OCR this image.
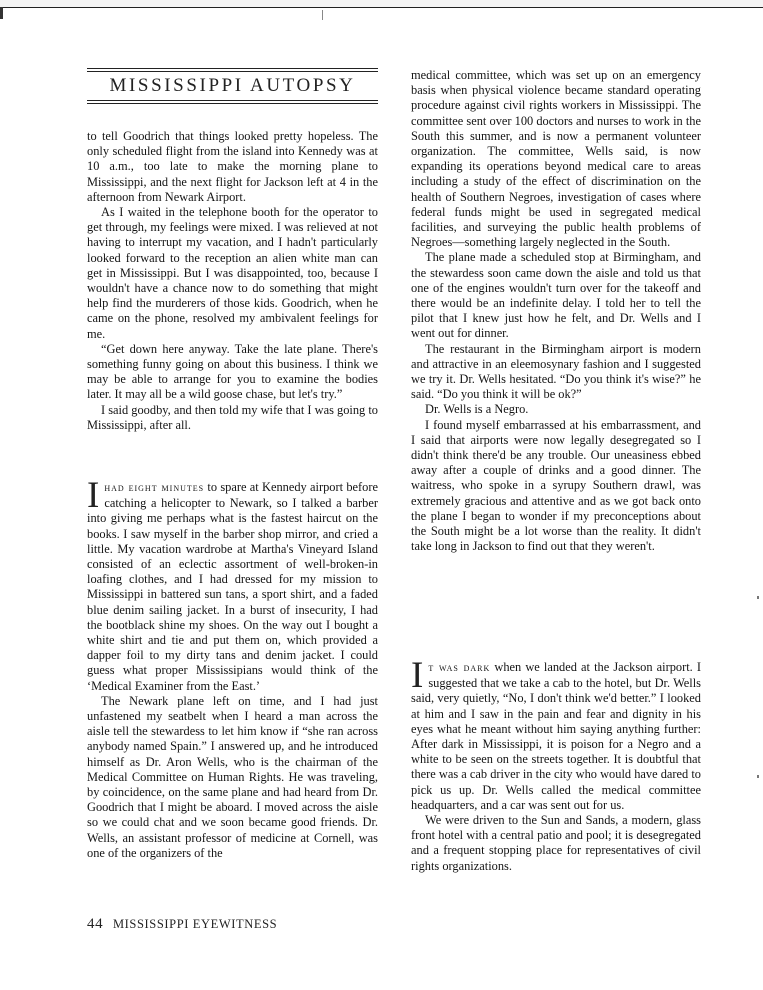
MISSISSIPPI AUTOPSY

to tell Goodrich that things looked pretty hopeless. The only scheduled flight from the island into Kennedy was at 10 a.m., too late to make the morning plane to Mississippi, and the next flight for Jackson left at 4 in the afternoon from Newark Airport.

As I waited in the telephone booth for the operator to get through, my feelings were mixed. I was relieved at not having to interrupt my vacation, and I hadn't particularly looked forward to the reception an alien white man can get in Mississippi. But I was disappointed, too, because I wouldn't have a chance now to do something that might help find the murderers of those kids. Goodrich, when he came on the phone, resolved my ambivalent feelings for me.

“Get down here anyway. Take the late plane. There's something funny going on about this business. I think we may be able to arrange for you to examine the bodies later. It may all be a wild goose chase, but let's try.”

I said goodby, and then told my wife that I was going to Mississippi, after all.

Ihad eight minutes to spare at Kennedy airport before catching a helicopter to Newark, so I talked a barber into giving me perhaps what is the fastest haircut on the books. I saw myself in the barber shop mirror, and cried a little. My vacation wardrobe at Martha's Vineyard Island consisted of an eclectic assortment of well-broken-in loafing clothes, and I had dressed for my mission to Mississippi in battered sun tans, a sport shirt, and a faded blue denim sailing jacket. In a burst of insecurity, I had the bootblack shine my shoes. On the way out I bought a white shirt and tie and put them on, which provided a dapper foil to my dirty tans and denim jacket. I could guess what proper Mississipians would think of the ‘Medical Examiner from the East.’

The Newark plane left on time, and I had just unfastened my seatbelt when I heard a man across the aisle tell the stewardess to let him know if “she ran across anybody named Spain.” I answered up, and he introduced himself as Dr. Aron Wells, who is the chairman of the Medical Committee on Human Rights. He was traveling, by coincidence, on the same plane and had heard from Dr. Goodrich that I might be aboard. I moved across the aisle so we could chat and we soon became good friends. Dr. Wells, an assistant professor of medicine at Cornell, was one of the organizers of the

medical committee, which was set up on an emergency basis when physical violence became standard operating procedure against civil rights workers in Mississippi. The committee sent over 100 doctors and nurses to work in the South this summer, and is now a permanent volunteer organization. The committee, Wells said, is now expanding its operations beyond medical care to areas including a study of the effect of discrimination on the health of Southern Negroes, investigation of cases where federal funds might be used in segregated medical facilities, and surveying the public health problems of Negroes—something largely neglected in the South.

The plane made a scheduled stop at Birmingham, and the stewardess soon came down the aisle and told us that one of the engines wouldn't turn over for the takeoff and there would be an indefinite delay. I told her to tell the pilot that I knew just how he felt, and Dr. Wells and I went out for dinner.

The restaurant in the Birmingham airport is modern and attractive in an eleemosynary fashion and I suggested we try it. Dr. Wells hesitated. “Do you think it's wise?” he said. “Do you think it will be ok?”

Dr. Wells is a Negro.

I found myself embarrassed at his embarrassment, and I said that airports were now legally desegregated so I didn't think there'd be any trouble. Our uneasiness ebbed away after a couple of drinks and a good dinner. The waitress, who spoke in a syrupy Southern drawl, was extremely gracious and attentive and as we got back onto the plane I began to wonder if my preconceptions about the South might be a lot worse than the reality. It didn't take long in Jackson to find out that they weren't.

It was dark when we landed at the Jackson airport. I suggested that we take a cab to the hotel, but Dr. Wells said, very quietly, “No, I don't think we'd better.” I looked at him and I saw in the pain and fear and dignity in his eyes what he meant without him saying anything further: After dark in Mississippi, it is poison for a Negro and a white to be seen on the streets together. It is doubtful that there was a cab driver in the city who would have dared to pick us up. Dr. Wells called the medical committee headquarters, and a car was sent out for us.

We were driven to the Sun and Sands, a modern, glass front hotel with a central patio and pool; it is desegregated and a frequent stopping place for representatives of civil rights organizations.

44 MISSISSIPPI EYEWITNESS
